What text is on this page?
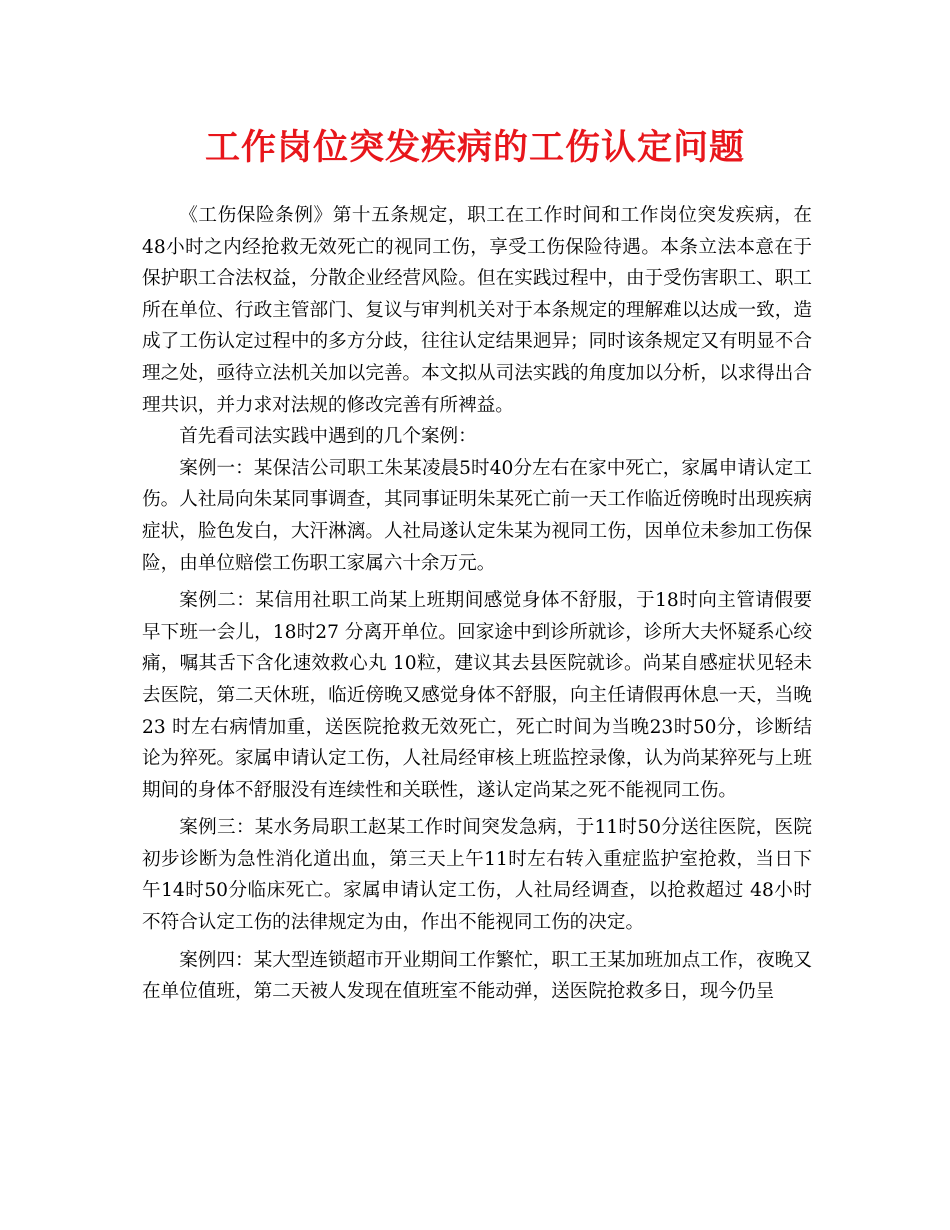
工作岗位突发疾病的工伤认定问题

《工伤保险条例》第十五条规定，职工在工作时间和工作岗位突发疾病，在48小时之内经抢救无效死亡的视同工伤，享受工伤保险待遇。本条立法本意在于保护职工合法权益，分散企业经营风险。但在实践过程中，由于受伤害职工、职工所在单位、行政主管部门、复议与审判机关对于本条规定的理解难以达成一致，造成了工伤认定过程中的多方分歧，往往认定结果迥异；同时该条规定又有明显不合理之处，亟待立法机关加以完善。本文拟从司法实践的角度加以分析，以求得出合理共识，并力求对法规的修改完善有所裨益。

首先看司法实践中遇到的几个案例：

案例一：某保洁公司职工朱某凌晨5时40分左右在家中死亡，家属申请认定工伤。人社局向朱某同事调查，其同事证明朱某死亡前一天工作临近傍晚时出现疾病症状，脸色发白，大汗淋漓。人社局遂认定朱某为视同工伤，因单位未参加工伤保险，由单位赔偿工伤职工家属六十余万元。

案例二：某信用社职工尚某上班期间感觉身体不舒服，于18时向主管请假要早下班一会儿，18时27 分离开单位。回家途中到诊所就诊，诊所大夫怀疑系心绞痛，嘱其舌下含化速效救心丸 10粒，建议其去县医院就诊。尚某自感症状见轻未去医院，第二天休班，临近傍晚又感觉身体不舒服，向主任请假再休息一天，当晚 23 时左右病情加重，送医院抢救无效死亡，死亡时间为当晚23时50分，诊断结论为猝死。家属申请认定工伤，人社局经审核上班监控录像，认为尚某猝死与上班期间的身体不舒服没有连续性和关联性，遂认定尚某之死不能视同工伤。

案例三：某水务局职工赵某工作时间突发急病，于11时50分送往医院，医院初步诊断为急性消化道出血，第三天上午11时左右转入重症监护室抢救，当日下午14时50分临床死亡。家属申请认定工伤，人社局经调查，以抢救超过 48小时不符合认定工伤的法律规定为由，作出不能视同工伤的决定。

案例四：某大型连锁超市开业期间工作繁忙，职工王某加班加点工作，夜晚又在单位值班，第二天被人发现在值班室不能动弹，送医院抢救多日，现今仍呈
